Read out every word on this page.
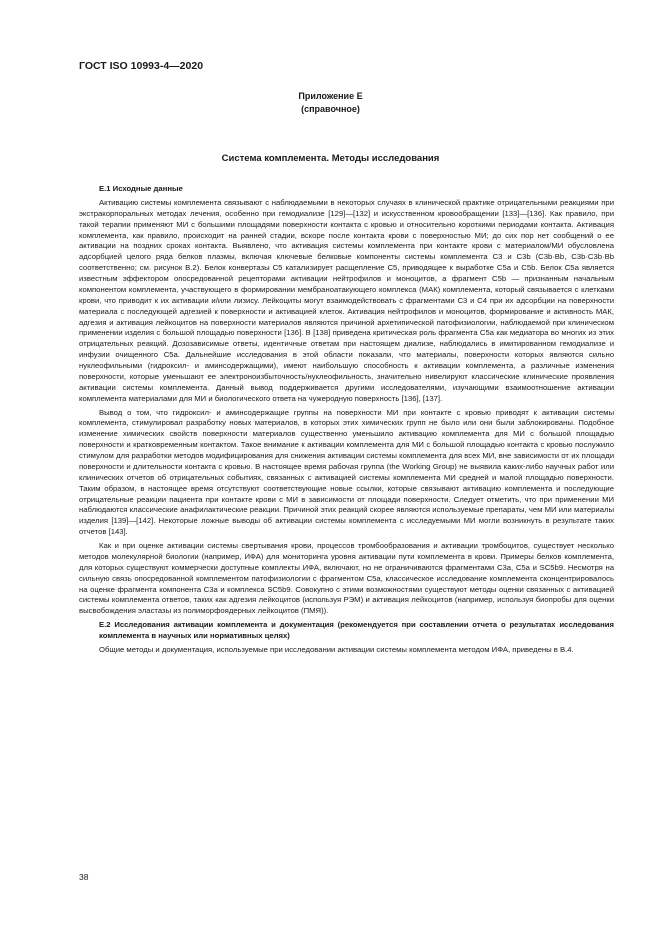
ГОСТ ISO 10993-4—2020
Приложение Е
(справочное)
Система комплемента. Методы исследования
Е.1 Исходные данные

Активацию системы комплемента связывают с наблюдаемыми в некоторых случаях в клинической практике отрицательными реакциями при экстракорпоральных методах лечения, особенно при гемодиализе [129]—[132] и искусственном кровообращении [133]—[136]. Как правило, при такой терапии применяют МИ с большими площадями поверхности контакта с кровью и относительно короткими периодами контакта. Активация комплемента, как правило, происходит на ранней стадии, вскоре после контакта крови с поверхностью МИ; до сих пор нет сообщений о ее активации на поздних сроках контакта. Выявлено, что активация системы комплемента при контакте крови с материалом/МИ обусловлена адсорбцией целого ряда белков плазмы, включая ключевые белковые компоненты системы комплемента С3 и С3b (С3b·Bb, С3b·С3b·Bb соответственно; см. рисунок В.2). Белок конвертазы С5 катализирует расщепление С5, приводящее к выработке С5а и С5b. Белок С5а является известным эффектором опосредованной рецепторами активации нейтрофилов и моноцитов, а фрагмент С5b — признанным начальным компонентом комплемента, участвующего в формировании мембраноатакующего комплекса (МАК) комплемента, который связывается с клетками крови, что приводит к их активации и/или лизису. Лейкоциты могут взаимодействовать с фрагментами С3 и С4 при их адсорбции на поверхности материала с последующей адгезией к поверхности и активацией клеток. Активация нейтрофилов и моноцитов, формирование и активность МАК, адгезия и активация лейкоцитов на поверхности материалов являются причиной архетипической патофизиологии, наблюдаемой при клиническом применении изделия с большой площадью поверхности [136]. В [138] приведена критическая роль фрагмента С5а как медиатора во многих из этих отрицательных реакций. Дозозависимые ответы, идентичные ответам при настоящем диализе, наблюдались в имитированном гемодиализе и инфузии очищенного С5а. Дальнейшие исследования в этой области показали, что материалы, поверхности которых являются сильно нуклеофильными (гидроксил- и аминсодержащими), имеют наибольшую способность к активации комплемента, а различные изменения поверхности, которые уменьшают ее электроноизбыточность/нуклеофильность, значительно нивелируют классические клинические проявления активации системы комплемента. Данный вывод поддерживается другими исследователями, изучающими взаимоотношение активации комплемента материалами для МИ и биологического ответа на чужеродную поверхность [136], [137].

Вывод о том, что гидроксил- и аминсодержащие группы на поверхности МИ при контакте с кровью приводят к активации системы комплемента, стимулировал разработку новых материалов, в которых этих химических групп не было или они были заблокированы. Подобное изменение химических свойств поверхности материалов существенно уменьшило активацию комплемента для МИ с большой площадью поверхности и кратковременным контактом. Такое внимание к активации комплемента для МИ с большой площадью контакта с кровью послужило стимулом для разработки методов модифицирования для снижения активации системы комплемента для всех МИ, вне зависимости от их площади поверхности и длительности контакта с кровью. В настоящее время рабочая группа (the Working Group) не выявила каких-либо научных работ или клинических отчетов об отрицательных событиях, связанных с активацией системы комплемента МИ средней и малой площадью поверхности. Таким образом, в настоящее время отсутствуют соответствующие новые ссылки, которые связывают активацию комплемента и последующие отрицательные реакции пациента при контакте крови с МИ в зависимости от площади поверхности. Следует отметить, что при применении МИ наблюдаются классические анафилактические реакции. Причиной этих реакций скорее являются используемые препараты, чем МИ или материалы изделия [139]—[142]. Некоторые ложные выводы об активации системы комплемента с исследуемыми МИ могли возникнуть в результате таких отчетов [143].

Как и при оценке активации системы свертывания крови, процессов тромбообразования и активации тромбоцитов, существует несколько методов молекулярной биологии (например, ИФА) для мониторинга уровня активации пути комплемента в крови. Примеры белков комплемента, для которых существуют коммерчески доступные комплекты ИФА, включают, но не ограничиваются фрагментами С3а, С5а и SC5b9. Несмотря на сильную связь опосредованной комплементом патофизиологии с фрагментом С5а, классическое исследование комплемента сконцентрировалось на оценке фрагмента компонента С3а и комплекса SC5b9. Совокупно с этими возможностями существуют методы оценки связанных с активацией системы комплемента ответов, таких как адгезия лейкоцитов (используя РЭМ) и активация лейкоцитов (например, используя биопробы для оценки высвобождения эластазы из полиморфоядерных лейкоцитов (ПМЯ)).

Е.2 Исследования активации комплемента и документация (рекомендуется при составлении отчета о результатах исследования комплемента в научных или нормативных целях)

Общие методы и документация, используемые при исследовании активации системы комплемента методом ИФА, приведены в В.4.

38
